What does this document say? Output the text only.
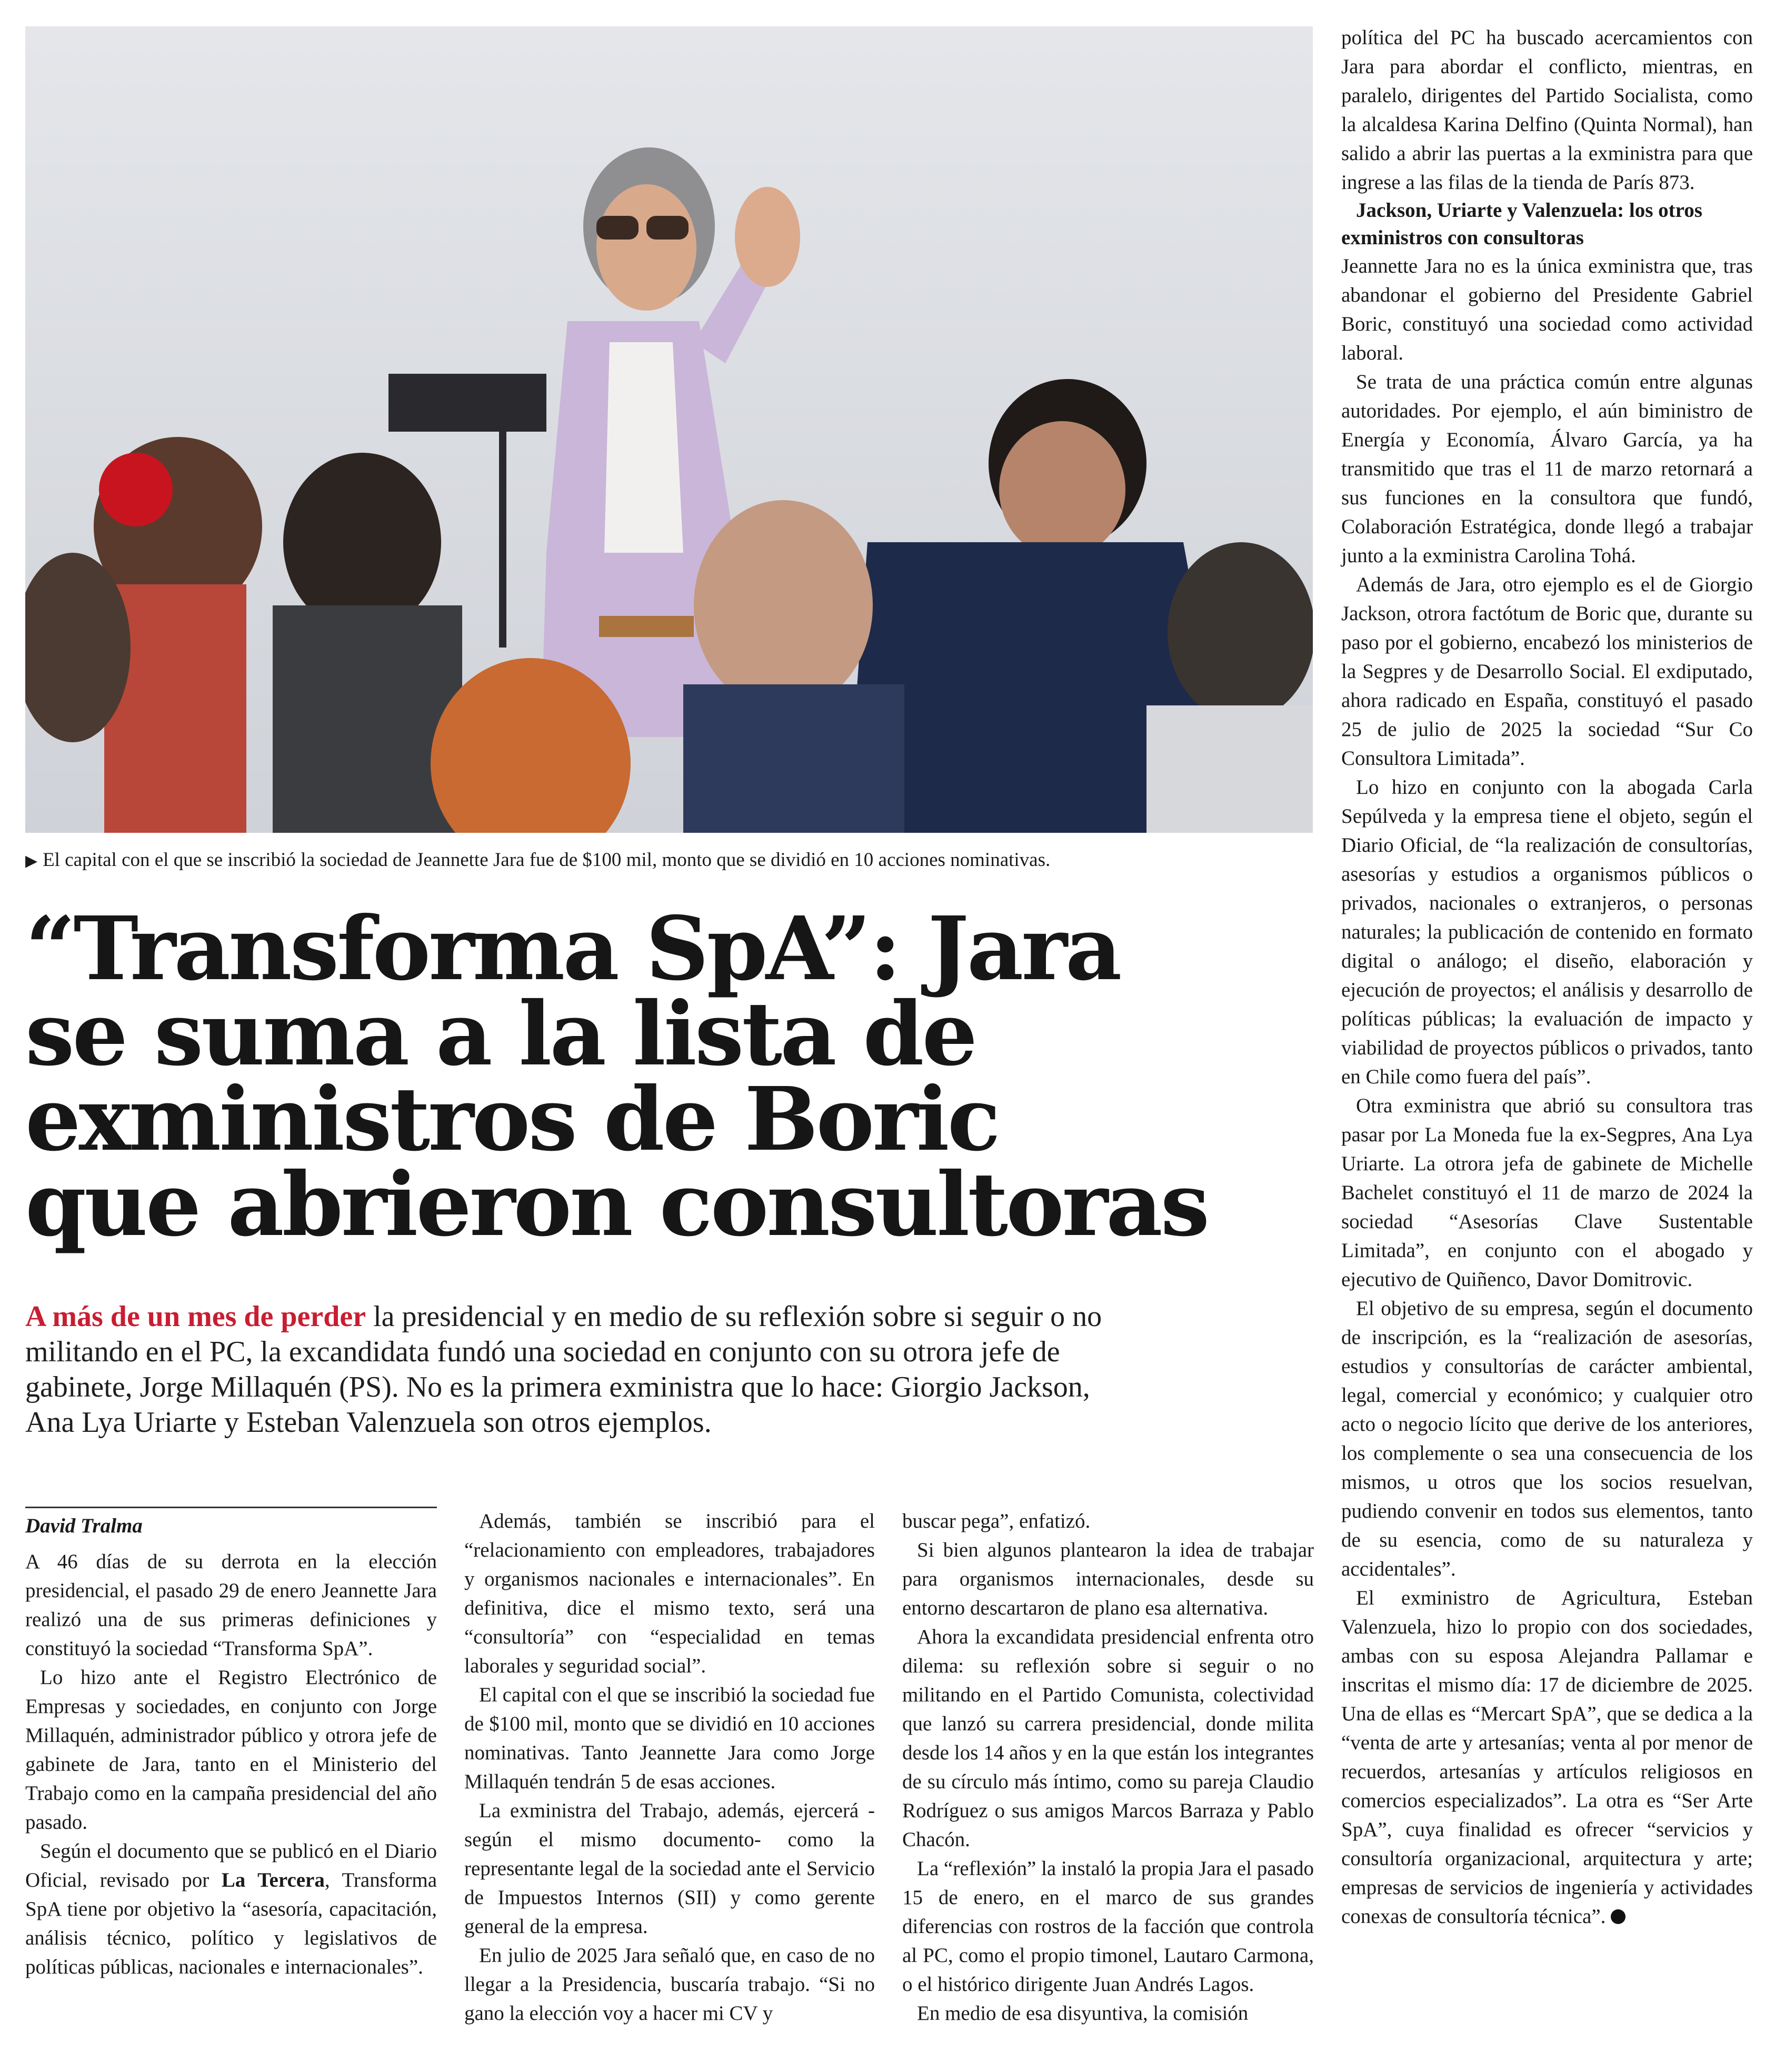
▶ El capital con el que se inscribió la sociedad de Jeannette Jara fue de $100 mil, monto que se dividió en 10 acciones nominativas.
“Transforma SpA”: Jara
se suma a la lista de
exministros de Boric
que abrieron consultoras
A más de un mes de perder la presidencial y en medio de su reflexión sobre si seguir o no
militando en el PC, la excandidata fundó una sociedad en conjunto con su otrora jefe de
gabinete, Jorge Millaquén (PS). No es la primera exministra que lo hace: Giorgio Jackson,
Ana Lya Uriarte y Esteban Valenzuela son otros ejemplos.
David Tralma

A 46 días de su derrota en la elección presidencial, el pasado 29 de enero Jeannette Jara realizó una de sus primeras definiciones y constituyó la sociedad “Transforma SpA”.

Lo hizo ante el Registro Electrónico de Empresas y sociedades, en conjunto con Jorge Millaquén, administrador público y otrora jefe de gabinete de Jara, tanto en el Ministerio del Trabajo como en la campaña presidencial del año pasado.

Según el documento que se publicó en el Diario Oficial, revisado por La Tercera, Transforma SpA tiene por objetivo la “asesoría, capacitación, análisis técnico, político y legislativos de políticas públicas, nacionales e internacionales”.

Además, también se inscribió para el “relacionamiento con empleadores, trabajadores y organismos nacionales e internacionales”. En definitiva, dice el mismo texto, será una “consultoría” con “especialidad en temas laborales y seguridad social”.

El capital con el que se inscribió la sociedad fue de $100 mil, monto que se dividió en 10 acciones nominativas. Tanto Jeannette Jara como Jorge Millaquén tendrán 5 de esas acciones.

La exministra del Trabajo, además, ejercerá -según el mismo documento- como la representante legal de la sociedad ante el Servicio de Impuestos Internos (SII) y como gerente general de la empresa.

En julio de 2025 Jara señaló que, en caso de no llegar a la Presidencia, buscaría trabajo. “Si no gano la elección voy a hacer mi CV y

buscar pega”, enfatizó.

Si bien algunos plantearon la idea de trabajar para organismos internacionales, desde su entorno descartaron de plano esa alternativa.

Ahora la excandidata presidencial enfrenta otro dilema: su reflexión sobre si seguir o no militando en el Partido Comunista, colectividad que lanzó su carrera presidencial, donde milita desde los 14 años y en la que están los integrantes de su círculo más íntimo, como su pareja Claudio Rodríguez o sus amigos Marcos Barraza y Pablo Chacón.

La “reflexión” la instaló la propia Jara el pasado 15 de enero, en el marco de sus grandes diferencias con rostros de la facción que controla al PC, como el propio timonel, Lautaro Carmona, o el histórico dirigente Juan Andrés Lagos.

En medio de esa disyuntiva, la comisión

política del PC ha buscado acercamientos con Jara para abordar el conflicto, mientras, en paralelo, dirigentes del Partido Socialista, como la alcaldesa Karina Delfino (Quinta Normal), han salido a abrir las puertas a la exministra para que ingrese a las filas de la tienda de París 873.

Jackson, Uriarte y Valenzuela: los otros exministros con consultoras

Jeannette Jara no es la única exministra que, tras abandonar el gobierno del Presidente Gabriel Boric, constituyó una sociedad como actividad laboral.

Se trata de una práctica común entre algunas autoridades. Por ejemplo, el aún biministro de Energía y Economía, Álvaro García, ya ha transmitido que tras el 11 de marzo retornará a sus funciones en la consultora que fundó, Colaboración Estratégica, donde llegó a trabajar junto a la exministra Carolina Tohá.

Además de Jara, otro ejemplo es el de Giorgio Jackson, otrora factótum de Boric que, durante su paso por el gobierno, encabezó los ministerios de la Segpres y de Desarrollo Social. El exdiputado, ahora radicado en España, constituyó el pasado 25 de julio de 2025 la sociedad “Sur Co Consultora Limitada”.

Lo hizo en conjunto con la abogada Carla Sepúlveda y la empresa tiene el objeto, según el Diario Oficial, de “la realización de consultorías, asesorías y estudios a organismos públicos o privados, nacionales o extranjeros, o personas naturales; la publicación de contenido en formato digital o análogo; el diseño, elaboración y ejecución de proyectos; el análisis y desarrollo de políticas públicas; la evaluación de impacto y viabilidad de proyectos públicos o privados, tanto en Chile como fuera del país”.

Otra exministra que abrió su consultora tras pasar por La Moneda fue la ex-Segpres, Ana Lya Uriarte. La otrora jefa de gabinete de Michelle Bachelet constituyó el 11 de marzo de 2024 la sociedad “Asesorías Clave Sustentable Limitada”, en conjunto con el abogado y ejecutivo de Quiñenco, Davor Domitrovic.

El objetivo de su empresa, según el documento de inscripción, es la “realización de asesorías, estudios y consultorías de carácter ambiental, legal, comercial y económico; y cualquier otro acto o negocio lícito que derive de los anteriores, los complemente o sea una consecuencia de los mismos, u otros que los socios resuelvan, pudiendo convenir en todos sus elementos, tanto de su esencia, como de su naturaleza y accidentales”.

El exministro de Agricultura, Esteban Valenzuela, hizo lo propio con dos sociedades, ambas con su esposa Alejandra Pallamar e inscritas el mismo día: 17 de diciembre de 2025. Una de ellas es “Mercart SpA”, que se dedica a la “venta de arte y artesanías; venta al por menor de recuerdos, artesanías y artículos religiosos en comercios especializados”. La otra es “Ser Arte SpA”, cuya finalidad es ofrecer “servicios y consultoría organizacional, arquitectura y arte; empresas de servicios de ingeniería y actividades conexas de consultoría técnica”.
